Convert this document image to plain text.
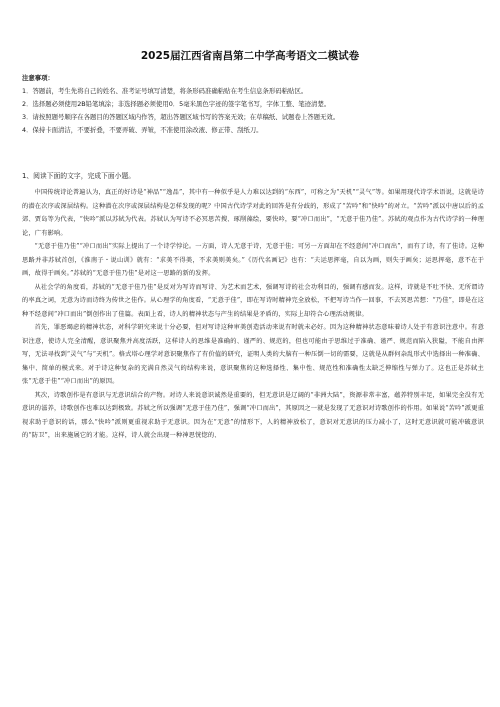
2025届江西省南昌第二中学高考语文二模试卷
注意事项：
1．答题前，考生先将自己的姓名、准考证号填写清楚，将条形码准确粘贴在考生信息条形码粘贴区。
2．选择题必须使用2B铅笔填涂；非选择题必须使用0．5毫米黑色字迹的签字笔书写，字体工整、笔迹清楚。
3．请按照题号顺序在各题目的答题区域内作答，超出答题区域书写的答案无效；在草稿纸、试题卷上答题无效。
4．保持卡面清洁，不要折叠，不要弄破、弄皱，不准使用涂改液、修正带、刮纸刀。
1、阅读下面的文字，完成下面小题。

中国传统诗论普遍认为，真正的好诗是“神品”“逸品”，其中有一种似乎是人力难以达到的“东西”，可称之为“天机”“灵气”等。如果用现代诗学术语说，这就是诗的潜在次序或深层结构。这种潜在次序或深层结构是怎样发现的呢？中国古代诗学对此的回答是有分歧的，形成了“苦吟”和“快吟”的对立。“苦吟”派以中唐以后的孟郊、贾岛等为代表，“快吟”派以苏轼为代表。苏轼认为写诗不必冥思苦搜、琢削藻绘，要快吟，要“冲口而出”，“无意于佳乃佳”。苏轼的观点作为古代诗学的一种理论，广有影响。

“无意于佳乃佳”“冲口而出”实际上提出了一个诗学悖论。一方面，诗人无意于诗，无意于佳；可另一方面却在不经意间“冲口而出”，而有了诗，有了佳诗。这种思路并非苏轼首创，《淮南子・说山训》就有：“求美不得美，不求美则美矣。”《历代名画记》也有：“夫运思挥毫，自以为画，则失于画矣；运思挥毫，意不在于画，故得于画矣。”苏轼的“无意于佳乃佳”是对这一思路的新的发挥。

从社会学的角度看，苏轼的“无意于佳乃佳”是反对为写诗而写诗、为艺术而艺术，强调写诗的社会功利目的，强调有感而发。这样，诗就是不吐不快、无所谓诗的率真之词，无意为诗而诗终为传世之佳作。从心理学的角度看，“无意于佳”，即在写诗时精神完全放松，不把写诗当作一回事，不去冥思苦想：“乃佳”，即是在这种不经意间“冲口而出”倒创作出了佳篇。表面上看，诗人的精神状态与产生的结果是矛盾的，实际上却符合心理活动规律。

首先，罪恶竭虑的精神状态，对科学研究来说十分必要，但对写诗这种审美创造活动来说有时就未必好。因为这种精神状态意味着诗人处于有意识注意中。有意识注意，使诗人完全清醒，意识聚焦并高度活跃，这样诗人的思维是准确的、谨严的、规范的，但也可能由于思维过于准确、谨严、规范而陷入狭隘，不能自由挥写，无法寻找到“灵气”与“天机”。格式塔心理学对意识聚焦作了有价值的研究，证明人类的大脑有一种压倒一切的需要，这就是从群何杂乱形式中选择出一种准确、集中、简单的模式来。对于诗这种复杂的充满自然灵气的结构来说，意识聚焦的这种选择性、集中性、规范性和准确性太缺乏伸缩性与弹力了。这也正是苏轼主张“无意于佳”“冲口而出”的原因。

其次，诗歌创作是有意识与无意识结合的产物。对诗人来说意识诚然是重要的，但无意识是辽阔的“非洲大陆”，资源非常丰富，蕴养特别丰足，如果完全没有无意识的滋养，诗歌创作也难以达到极致。苏轼之所以强调“无意于佳乃佳”，强调“冲口而出”，其原因之一就是发现了无意识对诗歌创作的作用。如果说“苦吟”派更重视求助于意识的话，那么“快吟”派则更重视求助于无意识。因为在“无意”的情形下，人的精神放松了，意识对无意识的压力减小了，这时无意识就可能冲破意识的“防卫”，出来施展它的才能。这样，诗人就会出现一种神思恍惚的、
